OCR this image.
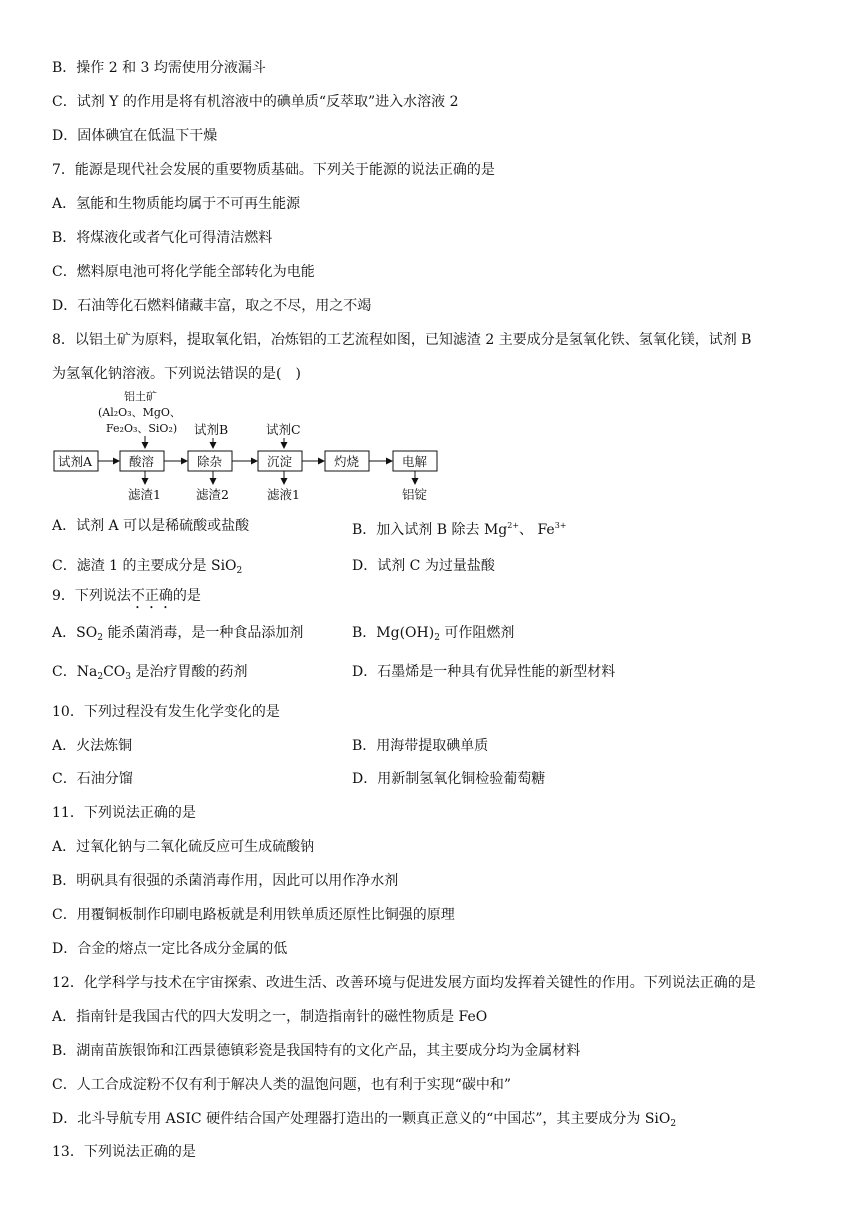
B．操作 2 和 3 均需使用分液漏斗
C．试剂 Y 的作用是将有机溶液中的碘单质“反萃取”进入水溶液 2
D．固体碘宜在低温下干燥
7．能源是现代社会发展的重要物质基础。下列关于能源的说法正确的是
A．氢能和生物质能均属于不可再生能源
B．将煤液化或者气化可得清洁燃料
C．燃料原电池可将化学能全部转化为电能
D．石油等化石燃料储藏丰富，取之不尽，用之不竭
8．以铝土矿为原料，提取氧化铝，冶炼铝的工艺流程如图，已知滤渣 2 主要成分是氢氧化铁、氢氧化镁，试剂 B
为氢氧化钠溶液。下列说法错误的是(　)
铝土矿
(Al₂O₃、MgO、
Fe₂O₃、SiO₂) 试剂B	试剂C
试剂A	酸溶	除杂	沉淀	灼烧	电解
滤渣1	滤渣2	滤液1	铝锭
A．试剂 A 可以是稀硫酸或盐酸	B．加入试剂 B 除去 $Mg^{2+}$、 $Fe^{3+}$
C．滤渣 1 的主要成分是 SiO$_2$	D．试剂 C 为过量盐酸
9．下列说法不正确的是
A．$SO_2$ 能杀菌消毒，是一种食品添加剂	B．$Mg(OH)_2$ 可作阻燃剂
C．$Na_2CO_3$ 是治疗胃酸的药剂	D．石墨烯是一种具有优异性能的新型材料
10．下列过程没有发生化学变化的是
A．火法炼铜	B．用海带提取碘单质
C．石油分馏	D．用新制氢氧化铜检验葡萄糖
11．下列说法正确的是
A．过氧化钠与二氧化硫反应可生成硫酸钠
B．明矾具有很强的杀菌消毒作用，因此可以用作净水剂
C．用覆铜板制作印刷电路板就是利用铁单质还原性比铜强的原理
D．合金的熔点一定比各成分金属的低
12．化学科学与技术在宇宙探索、改进生活、改善环境与促进发展方面均发挥着关键性的作用。下列说法正确的是
A．指南针是我国古代的四大发明之一，制造指南针的磁性物质是 FeO
B．湖南苗族银饰和江西景德镇彩瓷是我国特有的文化产品，其主要成分均为金属材料
C．人工合成淀粉不仅有利于解决人类的温饱问题，也有利于实现“碳中和”
D．北斗导航专用 ASIC 硬件结合国产处理器打造出的一颗真正意义的“中国芯”，其主要成分为 SiO$_2$
13．下列说法正确的是
